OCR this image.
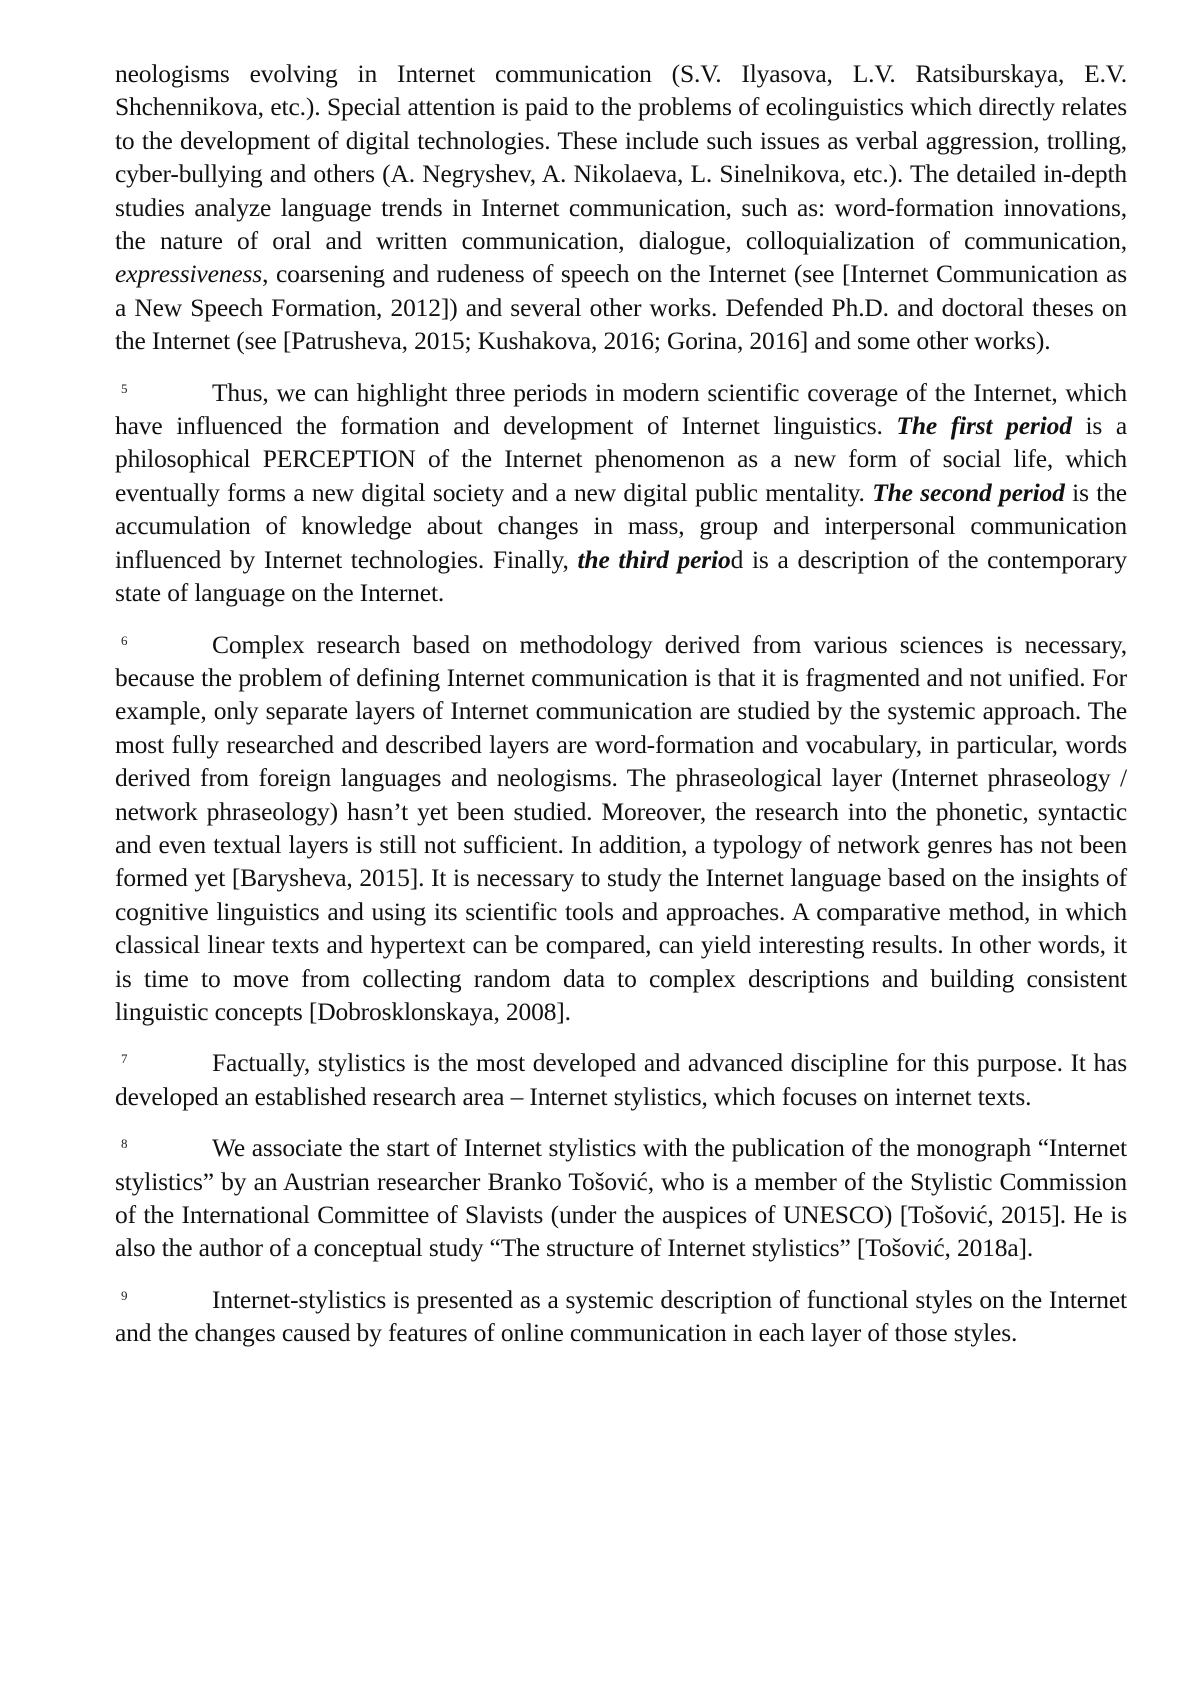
neologisms evolving in Internet communication (S.V. Ilyasova, L.V. Ratsiburskaya, E.V. Shchennikova, etc.). Special attention is paid to the problems of ecolinguistics which directly relates to the development of digital technologies. These include such issues as verbal aggression, trolling, cyber-bullying and others (A. Negryshev, A. Nikolaeva, L. Sinelnikova, etc.). The detailed in-depth studies analyze language trends in Internet communication, such as: word-formation innovations, the nature of oral and written communication, dialogue, colloquialization of communication, expressiveness, coarsening and rudeness of speech on the Internet (see [Internet Communication as a New Speech Formation, 2012]) and several other works. Defended Ph.D. and doctoral theses on the Internet (see [Patrusheva, 2015; Kushakova, 2016; Gorina, 2016] and some other works).

5	Thus, we can highlight three periods in modern scientific coverage of the Internet, which have influenced the formation and development of Internet linguistics. The first period is a philosophical PERCEPTION of the Internet phenomenon as a new form of social life, which eventually forms a new digital society and a new digital public mentality. The second period is the accumulation of knowledge about changes in mass, group and interpersonal communication influenced by Internet technologies. Finally, the third period is a description of the contemporary state of language on the Internet.

6	Complex research based on methodology derived from various sciences is necessary, because the problem of defining Internet communication is that it is fragmented and not unified. For example, only separate layers of Internet communication are studied by the systemic approach. The most fully researched and described layers are word-formation and vocabulary, in particular, words derived from foreign languages and neologisms. The phraseological layer (Internet phraseology / network phraseology) hasn’t yet been studied. Moreover, the research into the phonetic, syntactic and even textual layers is still not sufficient. In addition, a typology of network genres has not been formed yet [Barysheva, 2015]. It is necessary to study the Internet language based on the insights of cognitive linguistics and using its scientific tools and approaches. A comparative method, in which classical linear texts and hypertext can be compared, can yield interesting results. In other words, it is time to move from collecting random data to complex descriptions and building consistent linguistic concepts [Dobrosklonskaya, 2008].

7	Factually, stylistics is the most developed and advanced discipline for this purpose. It has developed an established research area – Internet stylistics, which focuses on internet texts.

8	We associate the start of Internet stylistics with the publication of the monograph “Internet stylistics” by an Austrian researcher Branko Tošović, who is a member of the Stylistic Commission of the International Committee of Slavists (under the auspices of UNESCO) [Tošović, 2015]. He is also the author of a conceptual study “The structure of Internet stylistics” [Tošović, 2018a].

9	Internet-stylistics is presented as a systemic description of functional styles on the Internet and the changes caused by features of online communication in each layer of those styles.
